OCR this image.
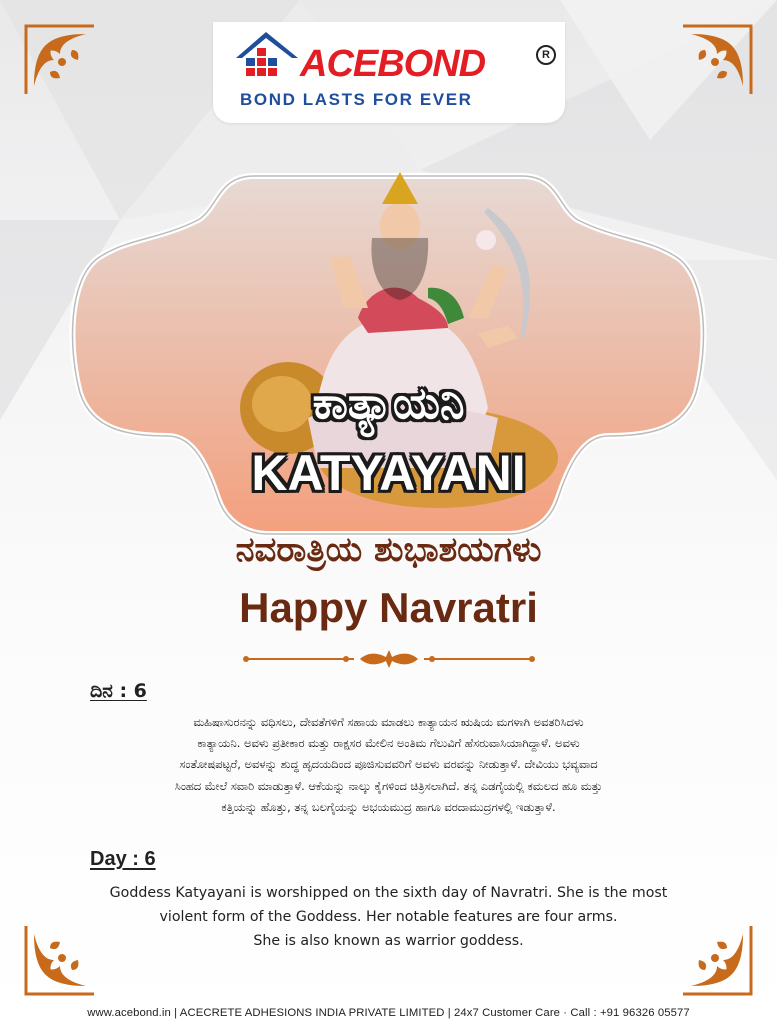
ACEBOND	R
BOND LASTS FOR EVER
ಕಾತ್ಯಾಯನಿ
KATYAYANI
ನವರಾತ್ರಿಯ ಶುಭಾಶಯಗಳು
Happy Navratri
ದಿನ : 6
ಮಹಿಷಾಸುರನನ್ನು ವಧಿಸಲು, ದೇವತೆಗಳಿಗೆ ಸಹಾಯ ಮಾಡಲು ಕಾತ್ಯಾಯನ ಋಷಿಯ ಮಗಳಾಗಿ ಅವತರಿಸಿದಳು
ಕಾತ್ಯಾಯನಿ. ಅವಳು ಪ್ರತೀಕಾರ ಮತ್ತು ರಾಕ್ಷಸರ ಮೇಲಿನ ಅಂತಿಮ ಗೆಲುವಿಗೆ ಹೆಸರುವಾಸಿಯಾಗಿದ್ದಾಳೆ. ಅವಳು
ಸಂತೋಷಪಟ್ಟರೆ, ಅವಳನ್ನು ಶುದ್ಧ ಹೃದಯದಿಂದ ಪೂಜಿಸುವವರಿಗೆ ಅವಳು ವರವನ್ನು ನೀಡುತ್ತಾಳೆ. ದೇವಿಯು ಭವ್ಯವಾದ
ಸಿಂಹದ ಮೇಲೆ ಸವಾರಿ ಮಾಡುತ್ತಾಳೆ. ಆಕೆಯನ್ನು ನಾಲ್ಕು ಕೈಗಳಿಂದ ಚಿತ್ರಿಸಲಾಗಿದೆ. ತನ್ನ ಎಡಗೈಯಲ್ಲಿ ಕಮಲದ ಹೂ ಮತ್ತು
ಕತ್ತಿಯನ್ನು ಹೊತ್ತು, ತನ್ನ ಬಲಗೈಯನ್ನು ಅಭಯಮುದ್ರ ಹಾಗೂ ವರದಾಮುದ್ರಗಳಲ್ಲಿ ಇಡುತ್ತಾಳೆ.
Day : 6
Goddess Katyayani is worshipped on the sixth day of Navratri. She is the most
violent form of the Goddess. Her notable features are four arms.
She is also known as warrior goddess.
www.acebond.in | ACECRETE ADHESIONS INDIA PRIVATE LIMITED | 24x7 Customer Care · Call : +91 96326 05577
